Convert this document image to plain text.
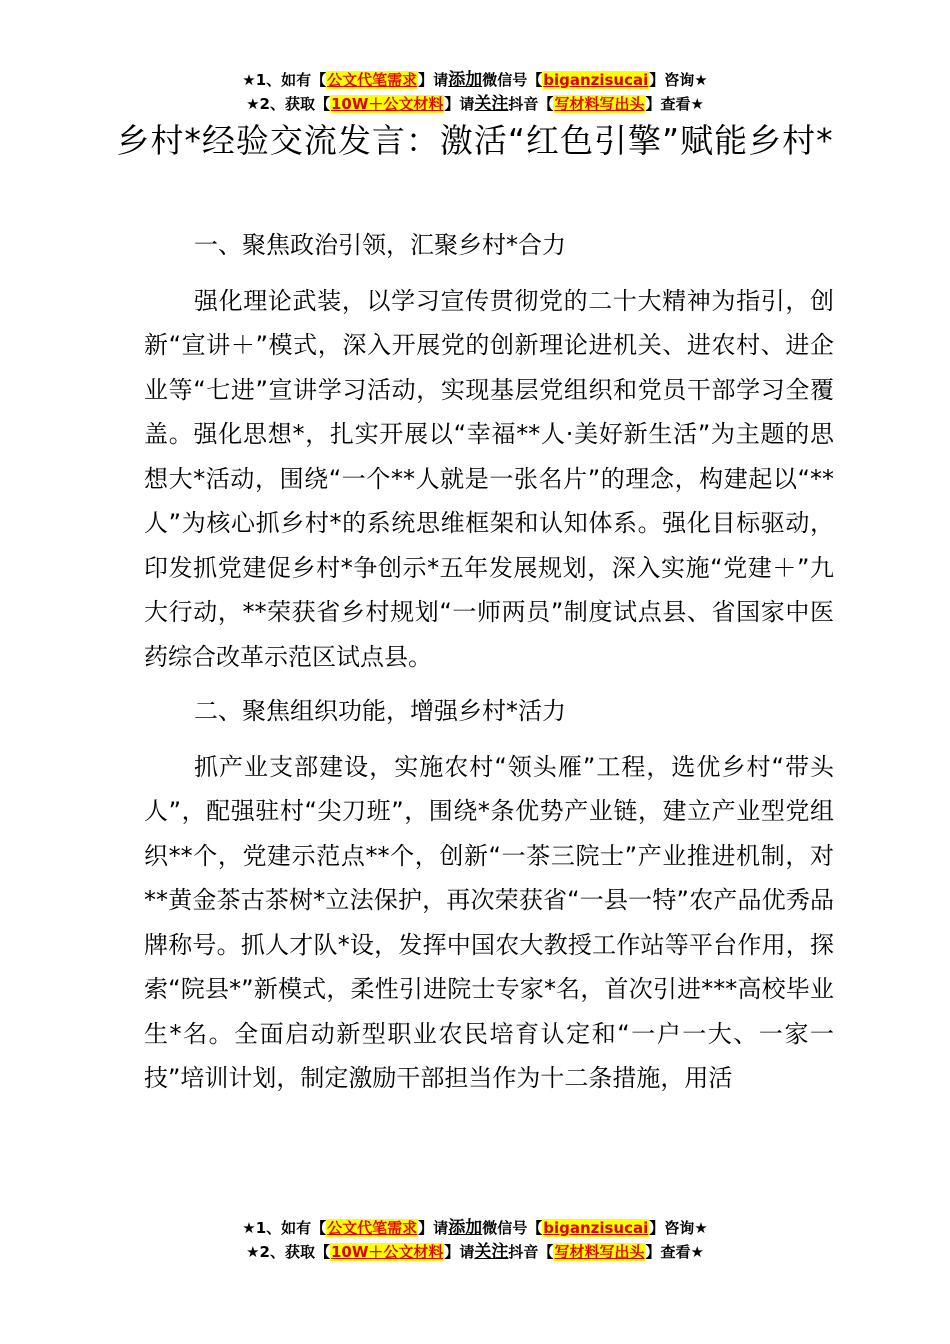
★1、如有【公文代笔需求】请添加微信号【biganzisucai】咨询★
★2、获取【10W＋公文材料】请关注抖音【写材料写出头】查看★
乡村*经验交流发言：激活“红色引擎”赋能乡村*

一、聚焦政治引领，汇聚乡村*合力

强化理论武装，以学习宣传贯彻党的二十大精神为指引，创新“宣讲＋”模式，深入开展党的创新理论进机关、进农村、进企业等“七进”宣讲学习活动，实现基层党组织和党员干部学习全覆盖。强化思想*，扎实开展以“幸福**人·美好新生活”为主题的思想大*活动，围绕“一个**人就是一张名片”的理念，构建起以“**人”为核心抓乡村*的系统思维框架和认知体系。强化目标驱动，印发抓党建促乡村*争创示*五年发展规划，深入实施“党建＋”九大行动，**荣获省乡村规划“一师两员”制度试点县、省国家中医药综合改革示范区试点县。

二、聚焦组织功能，增强乡村*活力

抓产业支部建设，实施农村“领头雁”工程，选优乡村“带头人”，配强驻村“尖刀班”，围绕*条优势产业链，建立产业型党组织**个，党建示范点**个，创新“一茶三院士”产业推进机制，对**黄金茶古茶树*立法保护，再次荣获省“一县一特”农产品优秀品牌称号。抓人才队*设，发挥中国农大教授工作站等平台作用，探索“院县*”新模式，柔性引进院士专家*名，首次引进***高校毕业生*名。全面启动新型职业农民培育认定和“一户一大、一家一技”培训计划，制定激励干部担当作为十二条措施，用活

★1、如有【公文代笔需求】请添加微信号【biganzisucai】咨询★
★2、获取【10W＋公文材料】请关注抖音【写材料写出头】查看★
